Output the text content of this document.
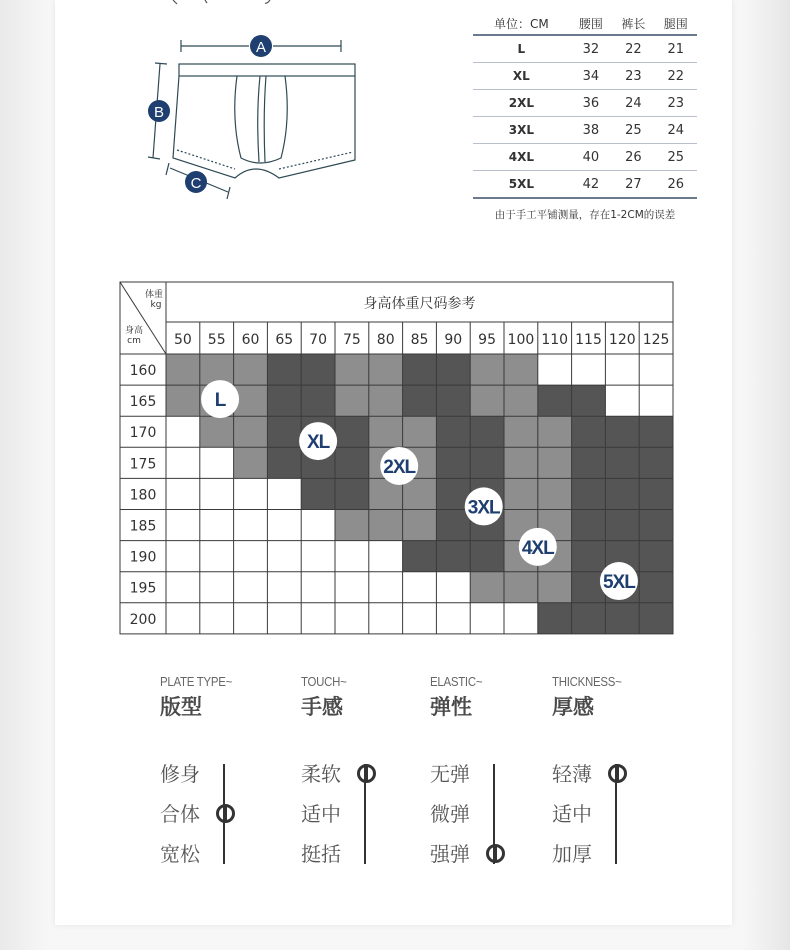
A
B
C
单位：CM	腰围	裤长	腿围
L	32	22	21
XL	34	23	22
2XL	36	24	23
3XL	38	25	24
4XL	40	26	25
5XL	42	27	26
由于手工平铺测量，存在1-2CM的误差
身高体重尺码参考
体重
kg
身高
cm 50 55 60 65 70 75 80 85 90 95 100 110 115 120 125
160
165
170
175
180
185
190
195
200
L
XL
2XL
3XL
4XL
5XL
PLATE TYPE~
版型
修身
合体
宽松
TOUCH~
手感
柔软
适中
挺括
ELASTIC~
弹性
无弹
微弹
强弹
THICKNESS~
厚感
轻薄
适中
加厚
